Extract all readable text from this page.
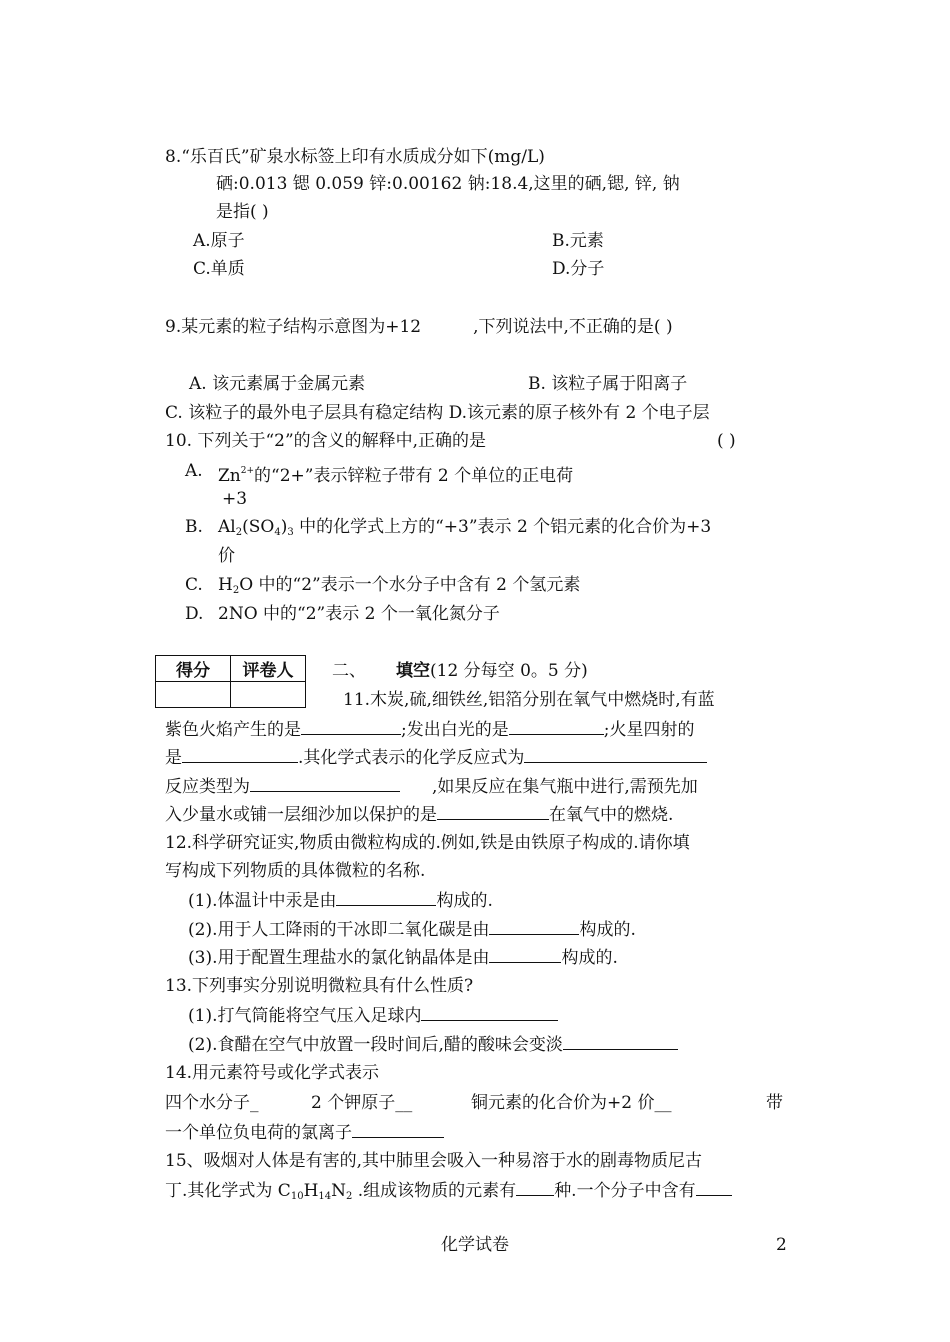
8.“乐百氏”矿泉水标签上印有水质成分如下(mg/L)
硒:0.013 锶 0.059 锌:0.00162 钠:18.4,这里的硒,锶, 锌, 钠
是指( )
A.原子	B.元素
C.单质	D.分子
9.某元素的粒子结构示意图为+12	,下列说法中,不正确的是( )
A. 该元素属于金属元素	B. 该粒子属于阳离子
C. 该粒子的最外电子层具有稳定结构 D.该元素的原子核外有 2 个电子层
10. 下列关于“2”的含义的解释中,正确的是	( )
A. $Zn^{2+}$的“2+”表示锌粒子带有 2 个单位的正电荷
+3
B. $Al_2(SO_4)_3$ 中的化学式上方的“+3”表示 2 个铝元素的化合价为+3
价
C. $H_2O$ 中的“2”表示一个水分子中含有 2 个氢元素
D. 2NO 中的“2”表示 2 个一氧化氮分子
得分	评卷人
	二、 填空(12 分每空 0。5 分)
11.木炭,硫,细铁丝,铝箔分别在氧气中燃烧时,有蓝
紫色火焰产生的是	;发出白光的是	;火星四射的
是	.其化学式表示的化学反应式为
反应类型为	,如果反应在集气瓶中进行,需预先加
入少量水或铺一层细沙加以保护的是	在氧气中的燃烧.
12.科学研究证实,物质由微粒构成的.例如,铁是由铁原子构成的.请你填
写构成下列物质的具体微粒的名称.
(1).体温计中汞是由	构成的.
(2).用于人工降雨的干冰即二氧化碳是由	构成的.
(3).用于配置生理盐水的氯化钠晶体是由	构成的.
13.下列事实分别说明微粒具有什么性质?
(1).打气筒能将空气压入足球内
(2).食醋在空气中放置一段时间后,醋的酸味会变淡
14.用元素符号或化学式表示
四个水分子_	2 个钾原子__	铜元素的化合价为+2 价__	带
一个单位负电荷的氯离子
15、吸烟对人体是有害的,其中肺里会吸入一种易溶于水的剧毒物质尼古
丁.其化学式为 $C_{10}H_{14}N_2$ .组成该物质的元素有 种.一个分子中含有
化学试卷	2
